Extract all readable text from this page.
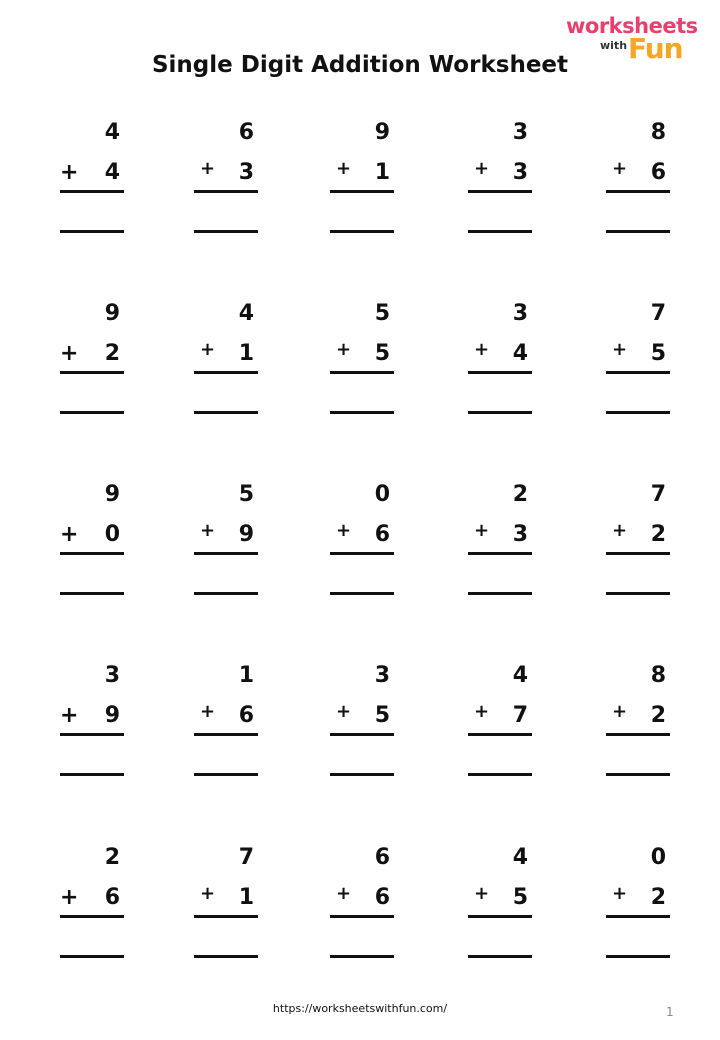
worksheets
with Fun
Single Digit Addition Worksheet
4
+ 4
6
+ 3
9
+ 1
3
+ 3
8
+ 6
9
+ 2
4
+ 1
5
+ 5
3
+ 4
7
+ 5
9
+ 0
5
+ 9
0
+ 6
2
+ 3
7
+ 2
3
+ 9
1
+ 6
3
+ 5
4
+ 7
8
+ 2
2
+ 6
7
+ 1
6
+ 6
4
+ 5
0
+ 2
https://worksheetswithfun.com/	1
